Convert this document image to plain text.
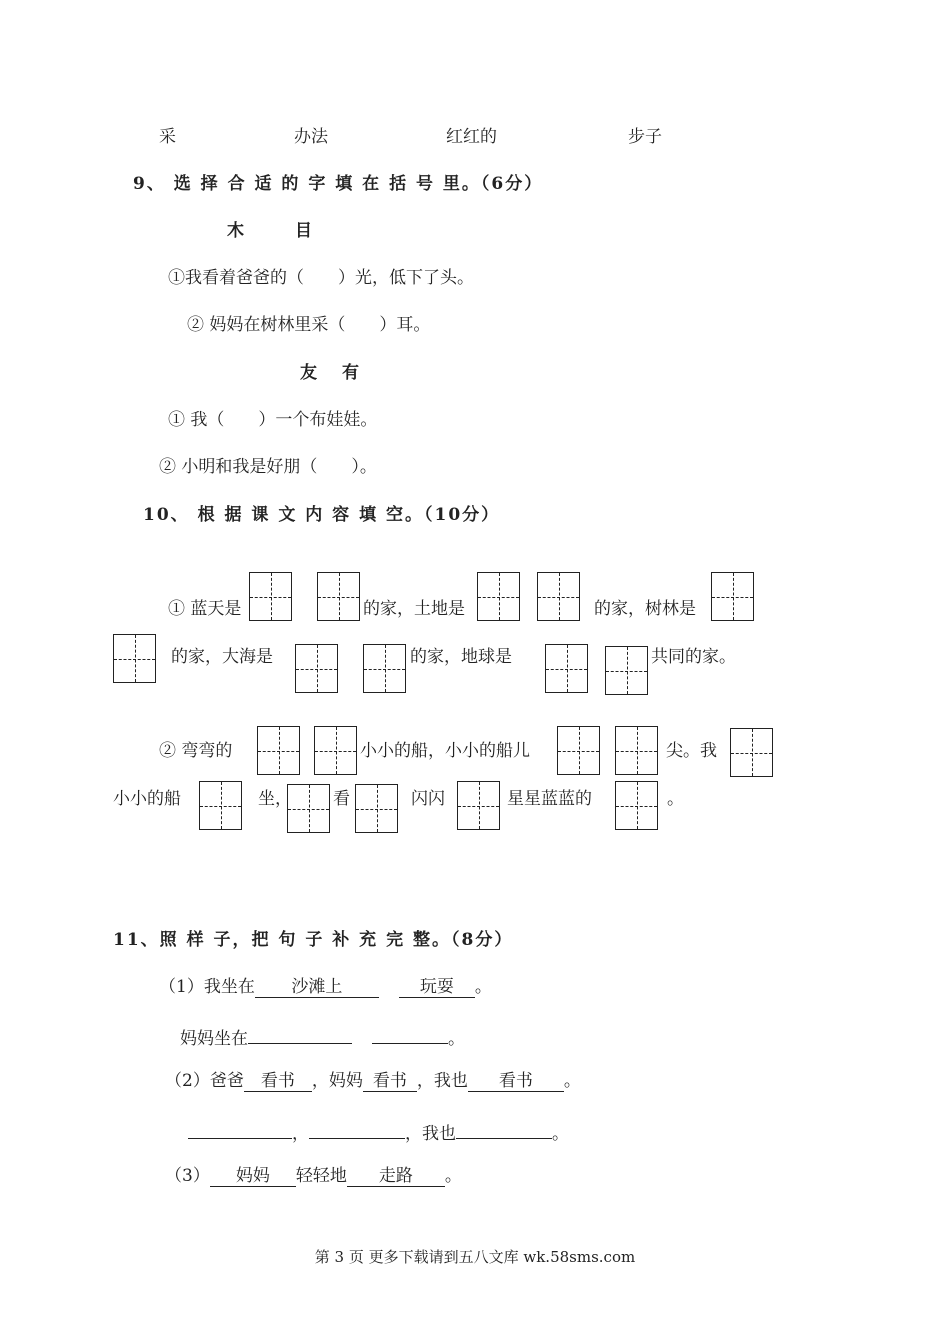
采	办法	红红的	步子
9、 选 择 合 适 的 字 填 在 括 号 里。（6分）
木　　　目
①我看着爸爸的（　　）光，低下了头。
② 妈妈在树林里采（　　）耳。
友　有
① 我（　　）一个布娃娃。
② 小明和我是好朋（　　）。
10、 根 据 课 文 内 容 填 空。（10分）
① 蓝天是	的家，土地是	的家，树林是
的家，大海是	的家，地球是	共同的家。
② 弯弯的	小小的船，小小的船儿	尖。我
小小的船	坐， 看	闪闪	星星蓝蓝的	。
11、照 样 子，把 句 子 补 充 完 整。（8分）
（1）我坐在 沙滩上	玩耍 。
妈妈坐在	。
（2）爸爸 看书 ，妈妈 看书 ，我也 看书 。
，	，我也	。
（3） 妈妈 轻轻地 走路 。
第 3 页 更多下载请到五八文库 wk.58sms.com
